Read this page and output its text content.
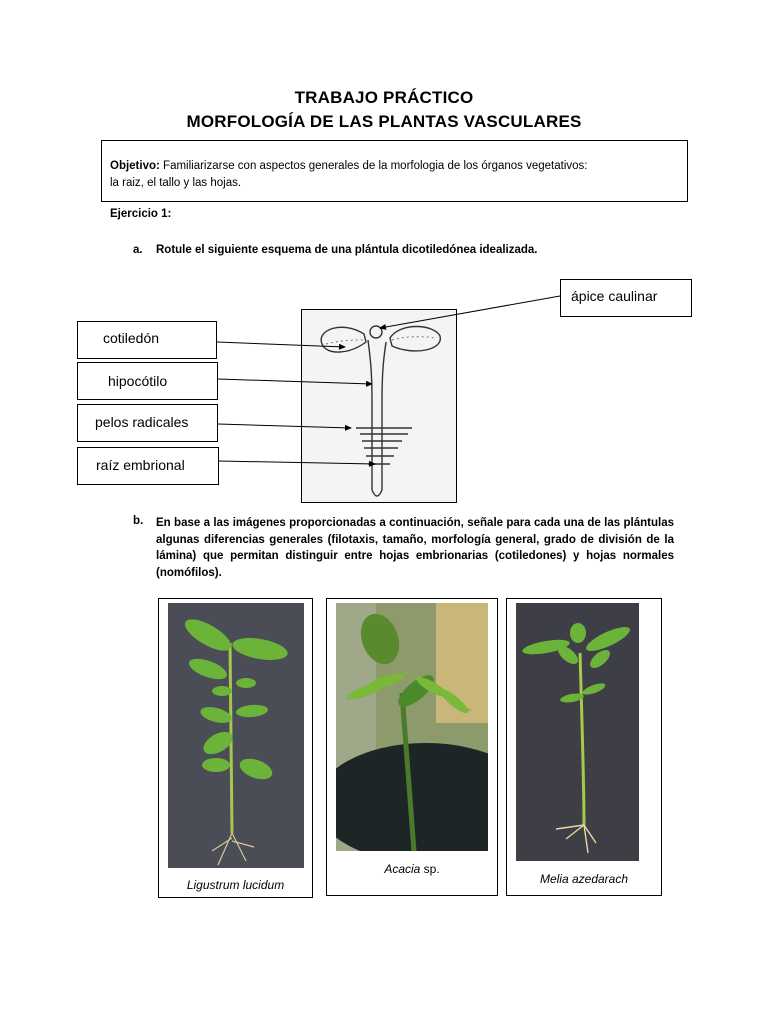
TRABAJO PRÁCTICO
MORFOLOGÍA DE LAS PLANTAS VASCULARES
Objetivo: Familiarizarse con aspectos generales de la morfologia de los órganos vegetativos:
la raiz, el tallo y las hojas.
Ejercicio 1:
a. Rotule el siguiente esquema de una plántula dicotiledónea idealizada.
ápice caulinar
cotiledón
hipocótilo
pelos radicales
raíz embrional
b. En base a las imágenes proporcionadas a continuación, señale para cada una de las plántulas algunas diferencias generales (filotaxis, tamaño, morfología general, grado de división de la lámina) que permitan distinguir entre hojas embrionarias (cotiledones) y hojas normales (nomófilos).
Ligustrum lucidum
Acacia sp.
Melia azedarach
